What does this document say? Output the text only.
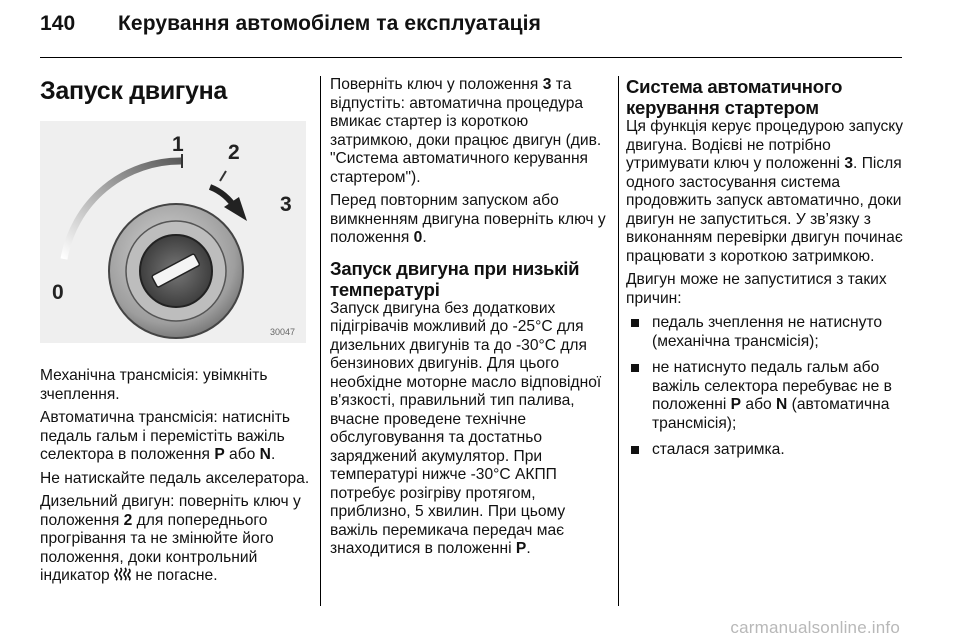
140 Керування автомобілем та експлуатація
Запуск двигуна
0
1 2
3
30047

Механічна трансмісія: увімкніть зчеплення.

Автоматична трансмісія: натисніть педаль гальм і перемістіть важіль селектора в положення P або N.

Не натискайте педаль акселератора.

Дизельний двигун: поверніть ключ у положення 2 для попереднього прогрівання та не змінюйте його положення, доки контрольний індикатор  не погасне.

Поверніть ключ у положення 3 та відпустіть: автоматична процедура вмикає стартер із короткою затримкою, доки працює двигун (див. "Система автоматичного керування стартером").

Перед повторним запуском або вимкненням двигуна поверніть ключ у положення 0.

Запуск двигуна при низькій температурі

Запуск двигуна без додаткових підігрівачів можливий до -25°С для дизельних двигунів та до -30°С для бензинових двигунів. Для цього необхідне моторне масло відповідної в'язкості, правильний тип палива, вчасне проведене технічне обслуговування та достатньо заряджений акумулятор. При температурі нижче -30°С АКПП потребує розігріву протягом, приблизно, 5 хвилин. При цьому важіль перемикача передач має знаходитися в положенні P.

Система автоматичного керування стартером

Ця функція керує процедурою запуску двигуна. Водієві не потрібно утримувати ключ у положенні 3. Після одного застосування система продовжить запуск автоматично, доки двигун не запуститься. У зв’язку з виконанням перевірки двигун починає працювати з короткою затримкою.

Двигун може не запуститися з таких причин:

педаль зчеплення не натиснуто (механічна трансмісія);
не натиснуто педаль гальм або важіль селектора перебуває не в положенні P або N (автоматична трансмісія);
сталася затримка.
carmanualsonline.info
